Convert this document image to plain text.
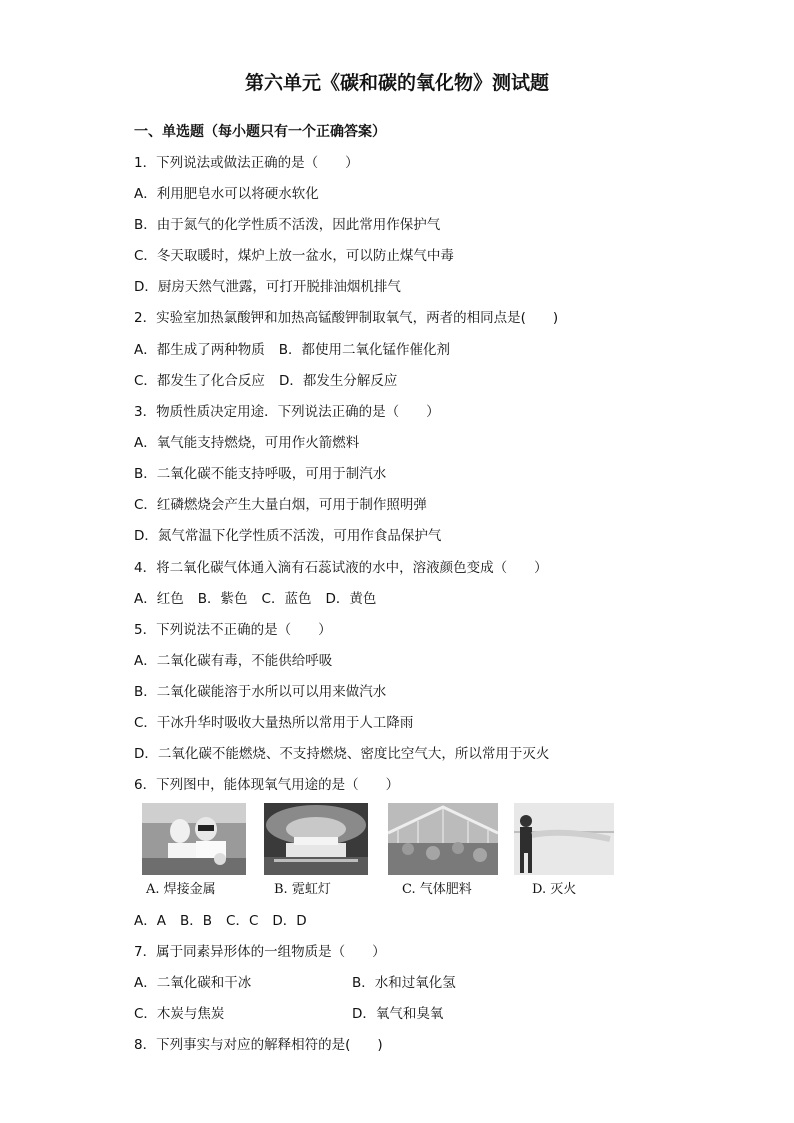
第六单元《碳和碳的氧化物》测试题
一、单选题（每小题只有一个正确答案）
1．下列说法或做法正确的是（　　）
A．利用肥皂水可以将硬水软化
B．由于氮气的化学性质不活泼，因此常用作保护气
C．冬天取暖时，煤炉上放一盆水，可以防止煤气中毒
D．厨房天然气泄露，可打开脱排油烟机排气
2．实验室加热氯酸钾和加热高锰酸钾制取氧气，两者的相同点是(　　)
A．都生成了两种物质 B．都使用二氧化锰作催化剂
C．都发生了化合反应 D．都发生分解反应
3．物质性质决定用途．下列说法正确的是（　　）
A．氧气能支持燃烧，可用作火箭燃料
B．二氧化碳不能支持呼吸，可用于制汽水
C．红磷燃烧会产生大量白烟，可用于制作照明弹
D．氮气常温下化学性质不活泼，可用作食品保护气
4．将二氧化碳气体通入滴有石蕊试液的水中，溶液颜色变成（　　）
A．红色 B．紫色 C．蓝色 D．黄色
5．下列说法不正确的是（　　）
A．二氧化碳有毒，不能供给呼吸
B．二氧化碳能溶于水所以可以用来做汽水
C．干冰升华时吸收大量热所以常用于人工降雨
D．二氧化碳不能燃烧、不支持燃烧、密度比空气大，所以常用于灭火
6．下列图中，能体现氧气用途的是（　　）
A. 焊接金属	B. 霓虹灯	C. 气体肥料	D. 灭火
A．A B．B C．C D．D
7．属于同素异形体的一组物质是（　　）
A．二氧化碳和干冰	B．水和过氧化氢
C．木炭与焦炭	D．氧气和臭氧
8．下列事实与对应的解释相符的是(　　)
